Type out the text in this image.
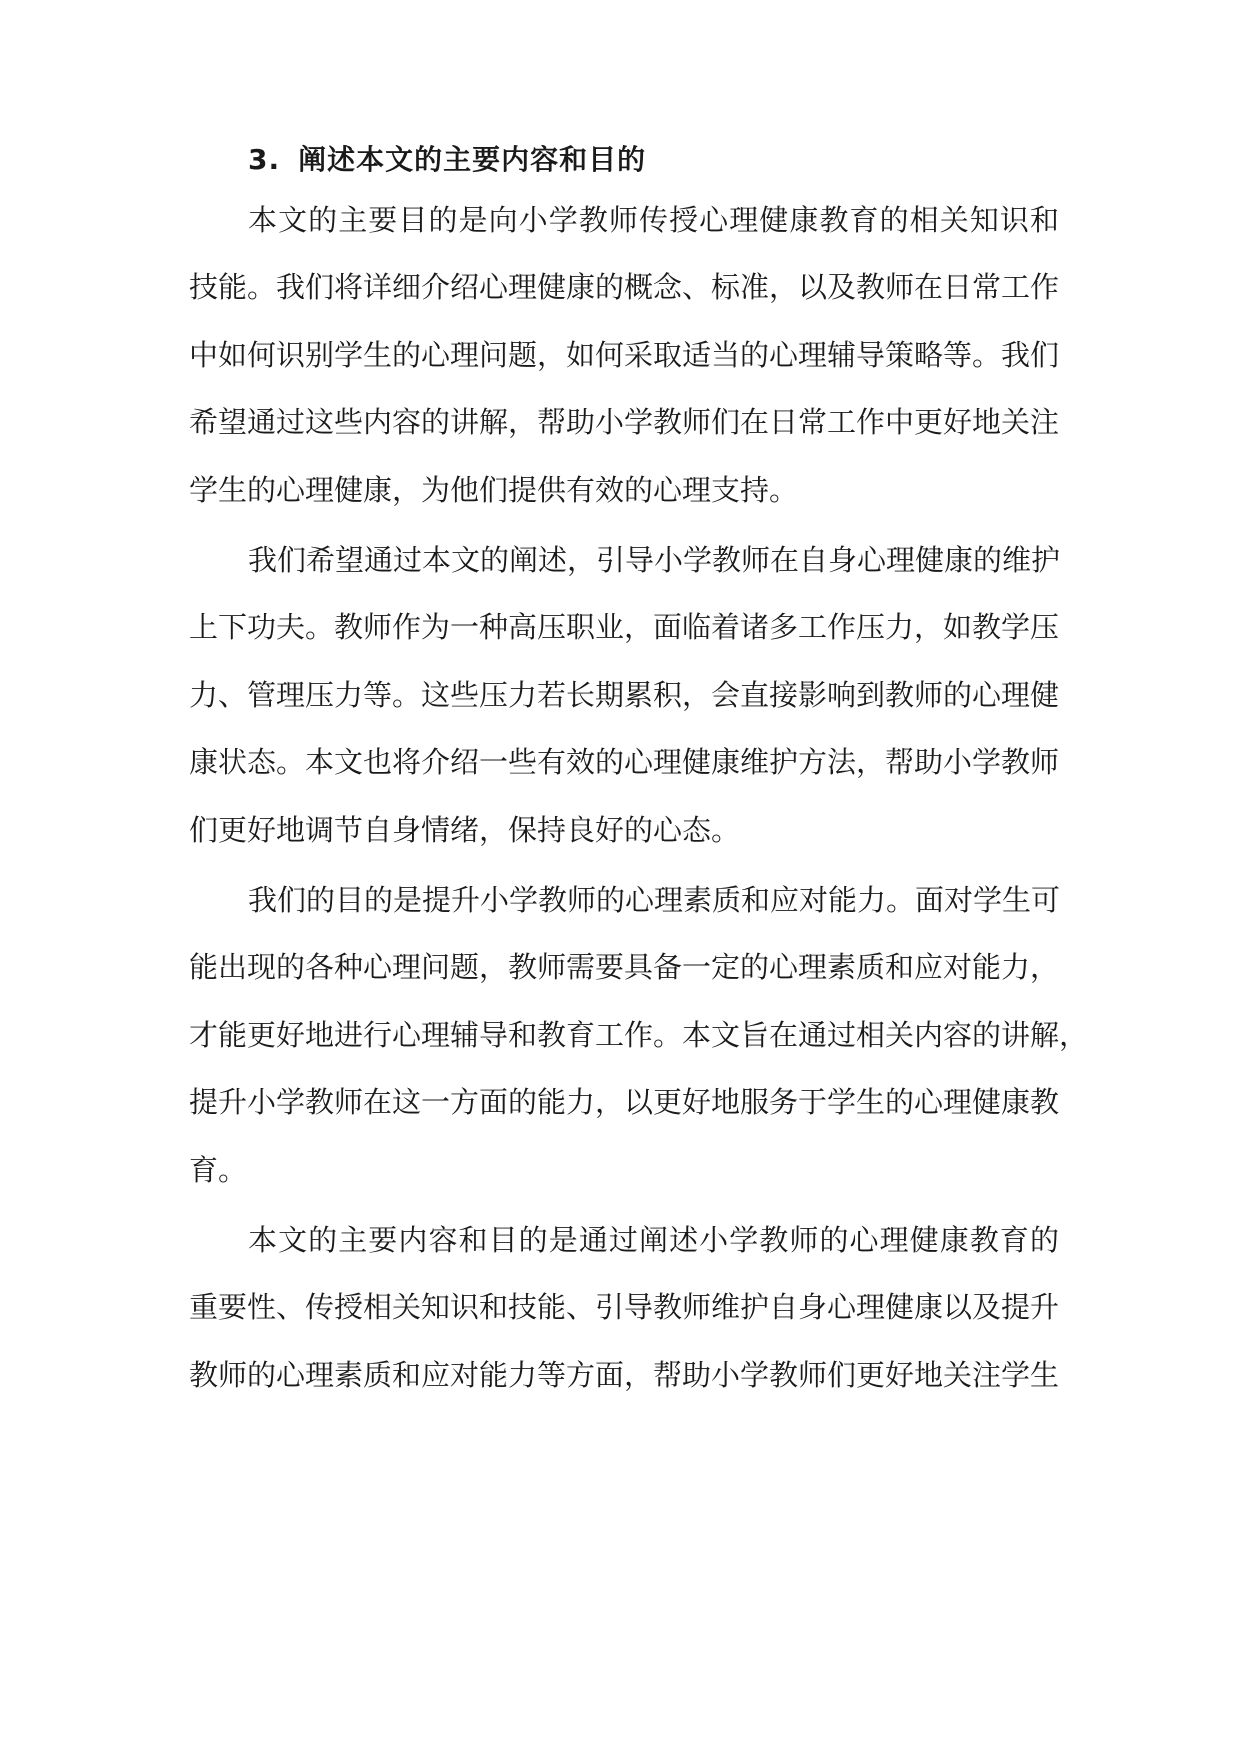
3. 阐述本文的主要内容和目的
本文的主要目的是向小学教师传授心理健康教育的相关知识和
技能。我们将详细介绍心理健康的概念、标准，以及教师在日常工作
中如何识别学生的心理问题，如何采取适当的心理辅导策略等。我们
希望通过这些内容的讲解，帮助小学教师们在日常工作中更好地关注
学生的心理健康，为他们提供有效的心理支持。
我们希望通过本文的阐述，引导小学教师在自身心理健康的维护
上下功夫。教师作为一种高压职业，面临着诸多工作压力，如教学压
力、管理压力等。这些压力若长期累积，会直接影响到教师的心理健
康状态。本文也将介绍一些有效的心理健康维护方法，帮助小学教师
们更好地调节自身情绪，保持良好的心态。
我们的目的是提升小学教师的心理素质和应对能力。面对学生可
能出现的各种心理问题，教师需要具备一定的心理素质和应对能力，
才能更好地进行心理辅导和教育工作。本文旨在通过相关内容的讲解，
提升小学教师在这一方面的能力，以更好地服务于学生的心理健康教
育。
本文的主要内容和目的是通过阐述小学教师的心理健康教育的
重要性、传授相关知识和技能、引导教师维护自身心理健康以及提升
教师的心理素质和应对能力等方面，帮助小学教师们更好地关注学生
